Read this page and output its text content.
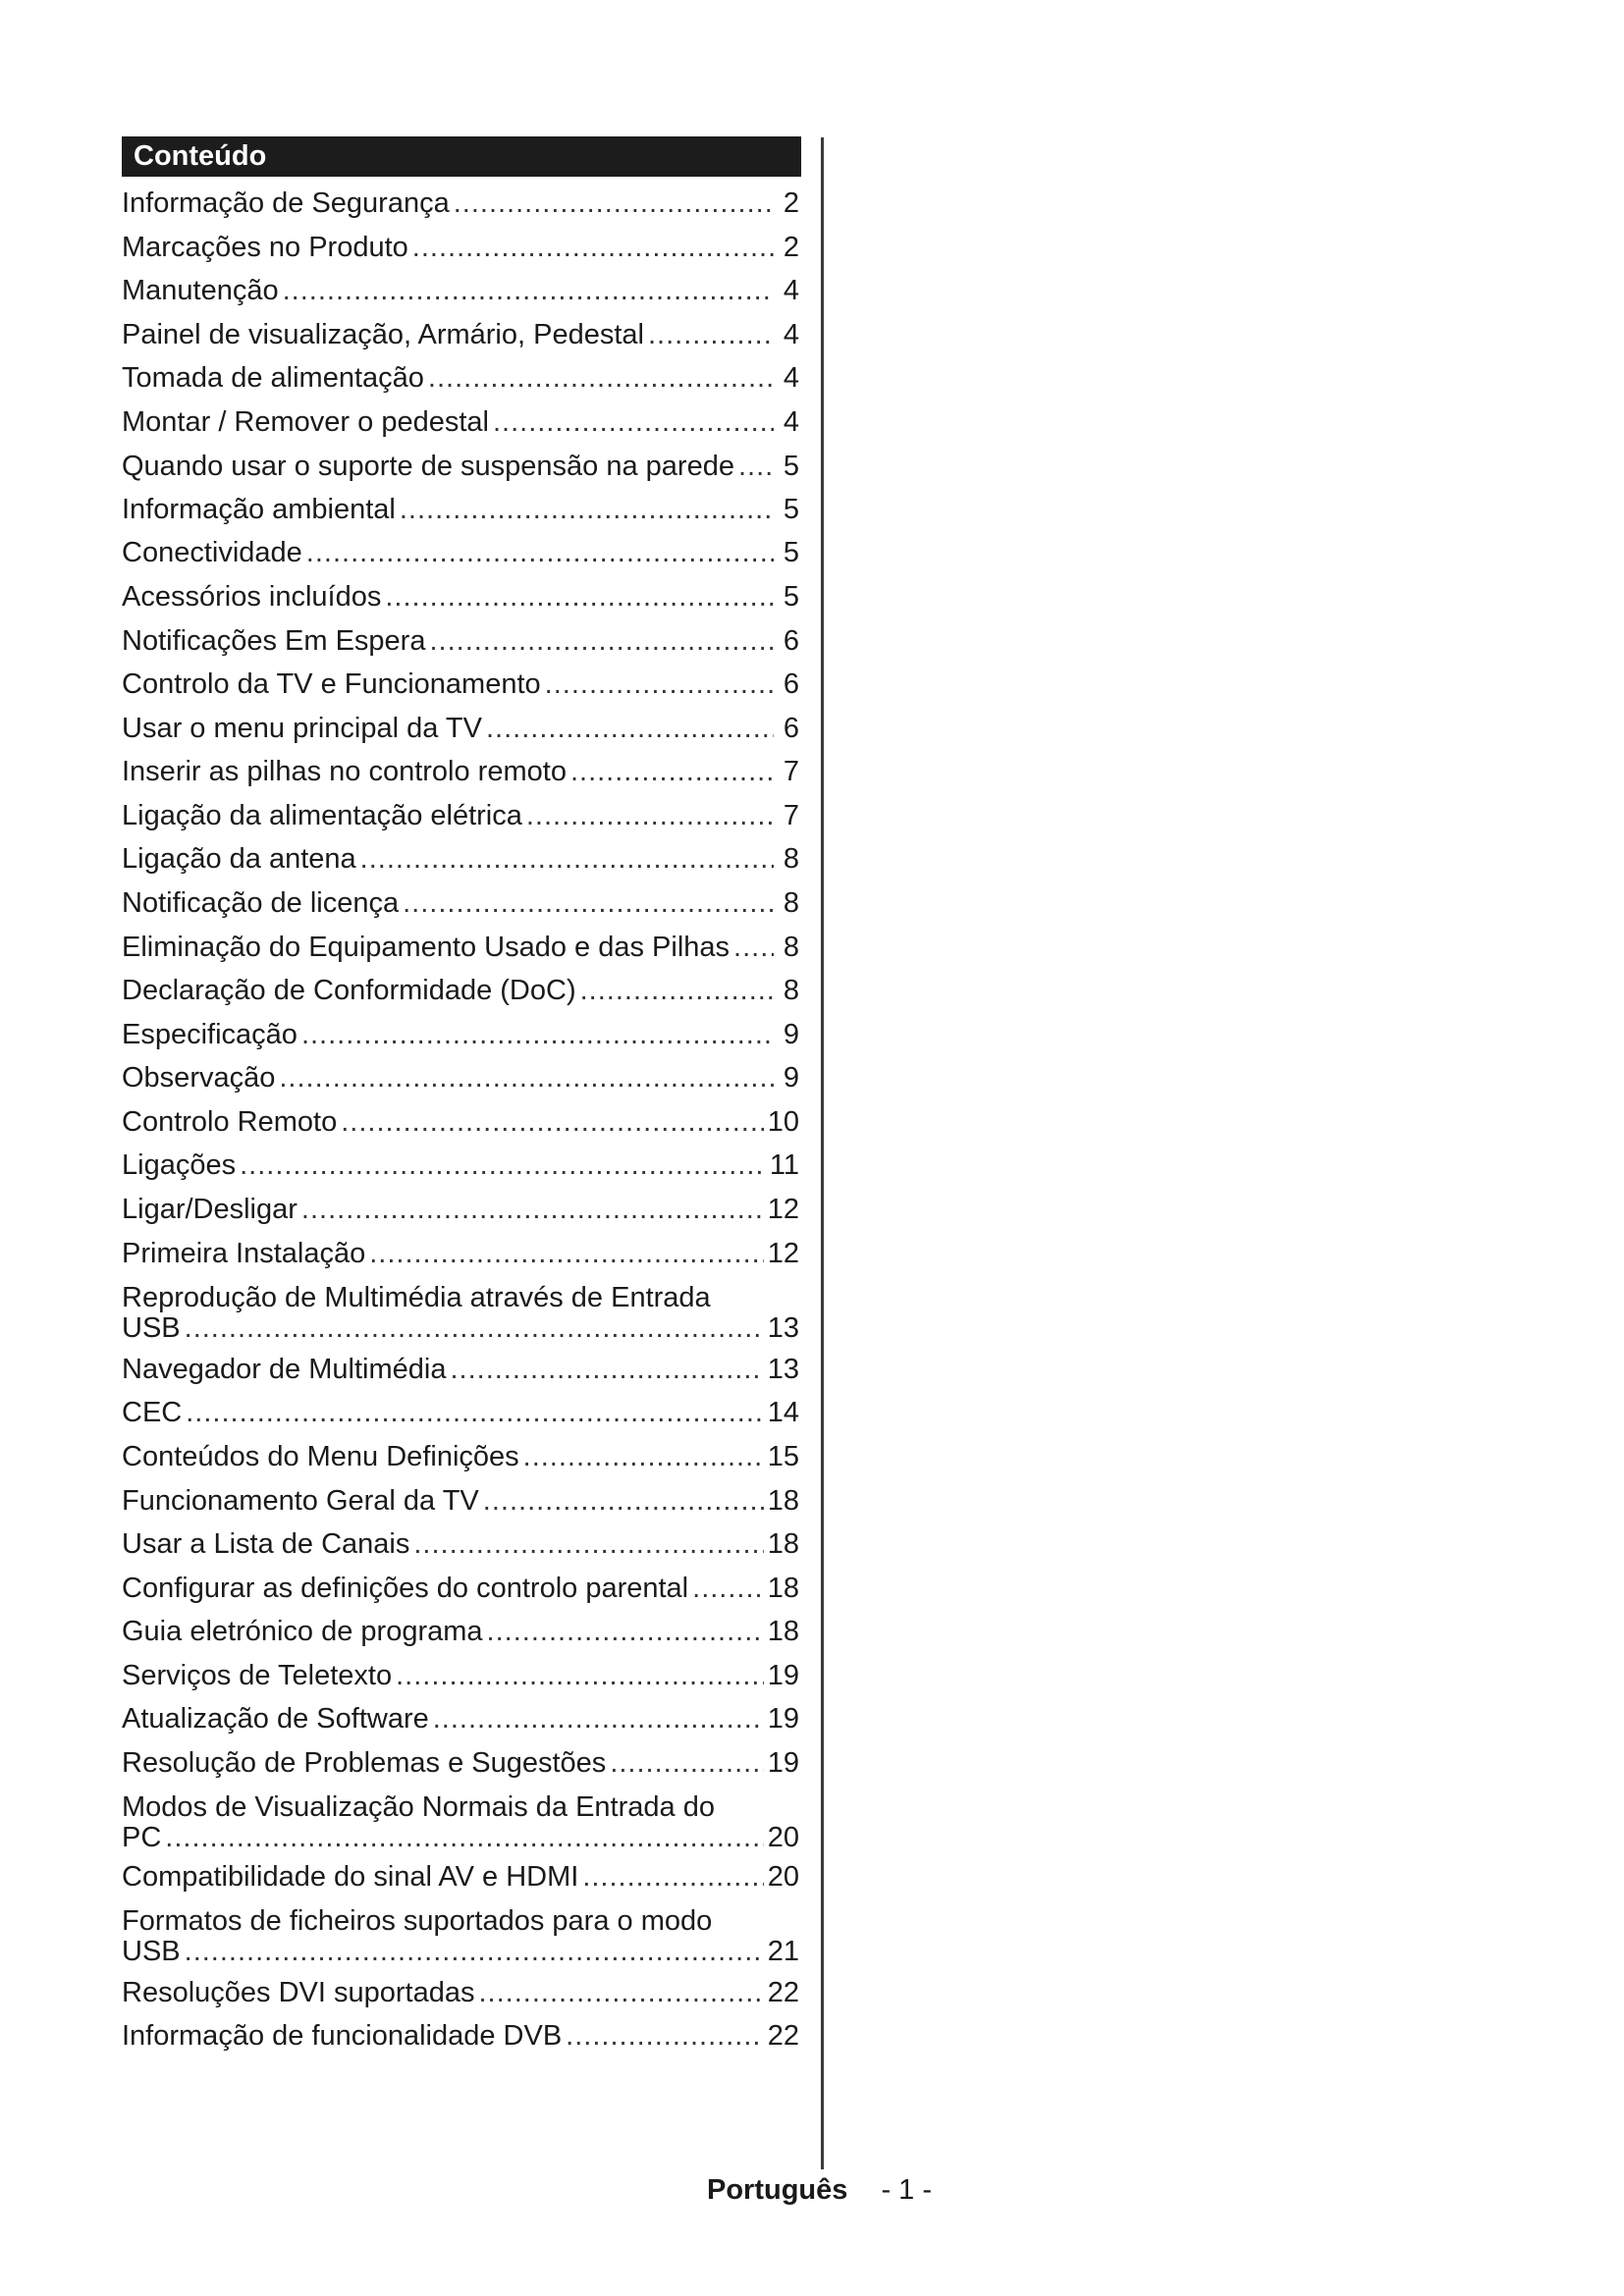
Conteúdo
Informação de Segurança .....	2
Marcações no Produto .....	2
Manutenção .....	4
Painel de visualização, Armário, Pedestal .....	4
Tomada de alimentação .....	4
Montar / Remover o pedestal .....	4
Quando usar o suporte de suspensão na parede .....	5
Informação ambiental .....	5
Conectividade .....	5
Acessórios incluídos .....	5
Notificações Em Espera .....	6
Controlo da TV e Funcionamento .....	6
Usar o menu principal da TV .....	6
Inserir as pilhas no controlo remoto .....	7
Ligação da alimentação elétrica .....	7
Ligação da antena .....	8
Notificação de licença .....	8
Eliminação do Equipamento Usado e das Pilhas .....	8
Declaração de Conformidade (DoC) .....	8
Especificação .....	9
Observação .....	9
Controlo Remoto .....	10
Ligações .....	11
Ligar/Desligar .....	12
Primeira Instalação .....	12
Reprodução de Multimédia através de Entrada
USB .....	13
Navegador de Multimédia .....	13
CEC .....	14
Conteúdos do Menu Definições .....	15
Funcionamento Geral da TV .....	18
Usar a Lista de Canais .....	18
Configurar as definições do controlo parental .....	18
Guia eletrónico de programa .....	18
Serviços de Teletexto .....	19
Atualização de Software .....	19
Resolução de Problemas e Sugestões .....	19
Modos de Visualização Normais da Entrada do
PC .....	20
Compatibilidade do sinal AV e HDMI .....	20
Formatos de ficheiros suportados para o modo
USB .....	21
Resoluções DVI suportadas .....	22
Informação de funcionalidade DVB .....	22
Português - 1 -
